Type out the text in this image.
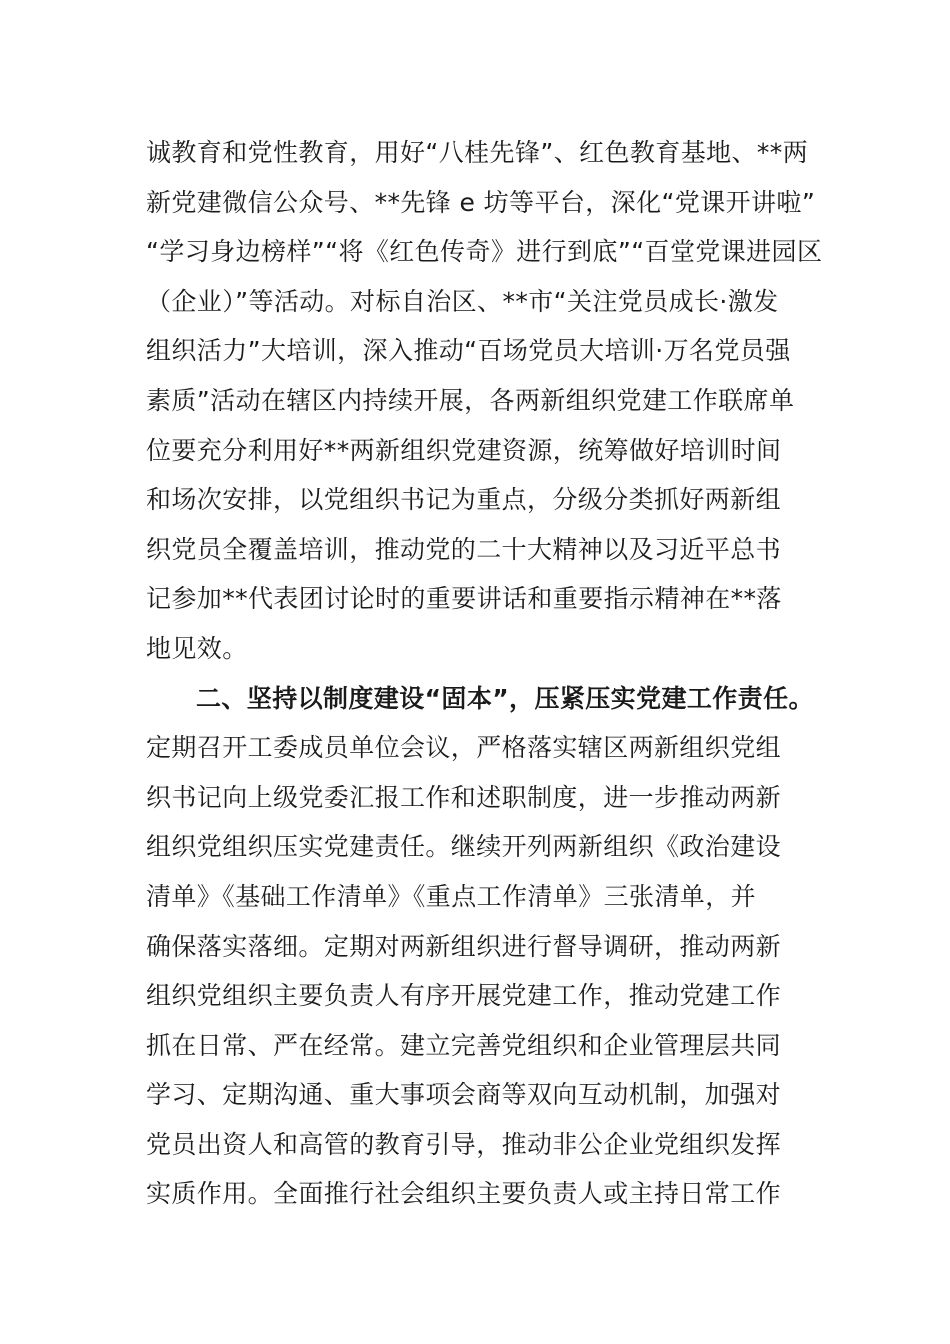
诚教育和党性教育，用好“八桂先锋”、红色教育基地、**两
新党建微信公众号、**先锋 e 坊等平台，深化“党课开讲啦”
“学习身边榜样”“将《红色传奇》进行到底”“百堂党课进园区
（企业）”等活动。对标自治区、**市“关注党员成长·激发
组织活力”大培训，深入推动“百场党员大培训·万名党员强
素质”活动在辖区内持续开展，各两新组织党建工作联席单
位要充分利用好**两新组织党建资源，统筹做好培训时间
和场次安排，以党组织书记为重点，分级分类抓好两新组
织党员全覆盖培训，推动党的二十大精神以及习近平总书
记参加**代表团讨论时的重要讲话和重要指示精神在**落
地见效。
二、坚持以制度建设“固本”，压紧压实党建工作责任。
定期召开工委成员单位会议，严格落实辖区两新组织党组
织书记向上级党委汇报工作和述职制度，进一步推动两新
组织党组织压实党建责任。继续开列两新组织《政治建设
清单》《基础工作清单》《重点工作清单》三张清单，并
确保落实落细。定期对两新组织进行督导调研，推动两新
组织党组织主要负责人有序开展党建工作，推动党建工作
抓在日常、严在经常。建立完善党组织和企业管理层共同
学习、定期沟通、重大事项会商等双向互动机制，加强对
党员出资人和高管的教育引导，推动非公企业党组织发挥
实质作用。全面推行社会组织主要负责人或主持日常工作
